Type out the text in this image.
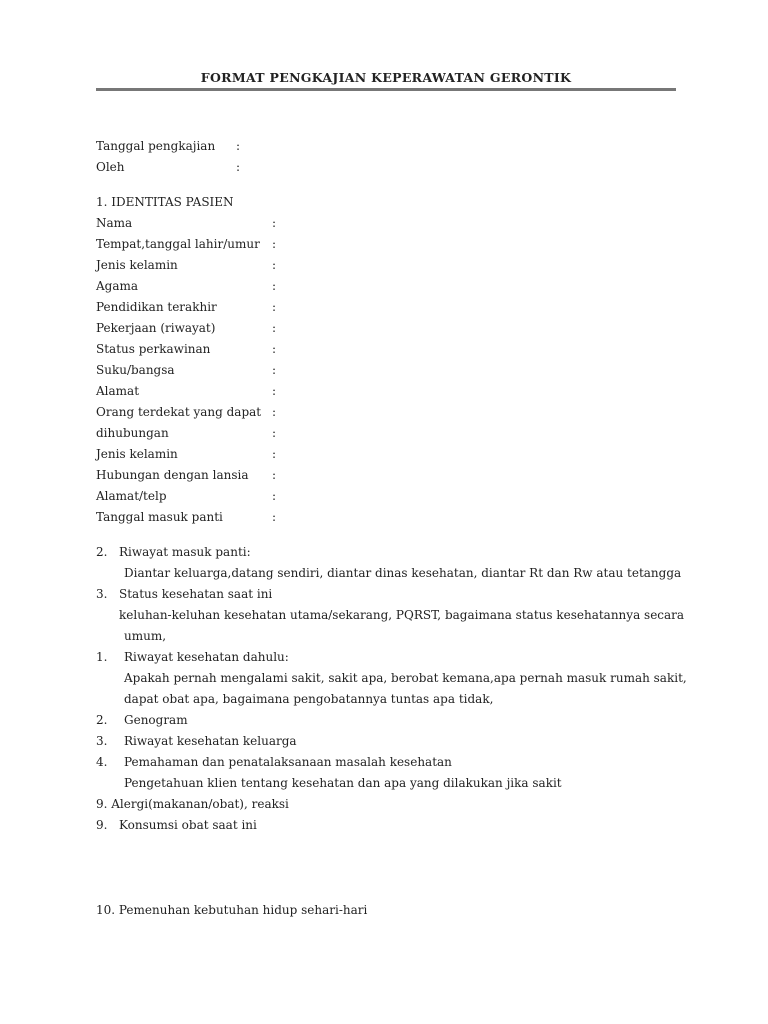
FORMAT PENGKAJIAN KEPERAWATAN GERONTIK
Tanggal pengkajian :
Oleh	:
1. IDENTITAS PASIEN
Nama	:
Tempat,tanggal lahir/umur :
Jenis kelamin	:
Agama	:
Pendidikan terakhir	:
Pekerjaan (riwayat)	:
Status perkawinan	:
Suku/bangsa	:
Alamat	:
Orang terdekat yang dapat :
dihubungan	:
Jenis kelamin	:
Hubungan dengan lansia :
Alamat/telp	:
Tanggal masuk panti	:
2. Riwayat masuk panti:
Diantar keluarga,datang sendiri, diantar dinas kesehatan, diantar Rt dan Rw atau tetangga
3. Status kesehatan saat ini
keluhan-keluhan kesehatan utama/sekarang, PQRST, bagaimana status kesehatannya secara
umum,
1. Riwayat kesehatan dahulu:
Apakah pernah mengalami sakit, sakit apa, berobat kemana,apa pernah masuk rumah sakit,
dapat obat apa, bagaimana pengobatannya tuntas apa tidak,
2. Genogram
3. Riwayat kesehatan keluarga
4. Pemahaman dan penatalaksanaan masalah kesehatan
Pengetahuan klien tentang kesehatan dan apa yang dilakukan jika sakit
9. Alergi(makanan/obat), reaksi
9. Konsumsi obat saat ini
10. Pemenuhan kebutuhan hidup sehari-hari
